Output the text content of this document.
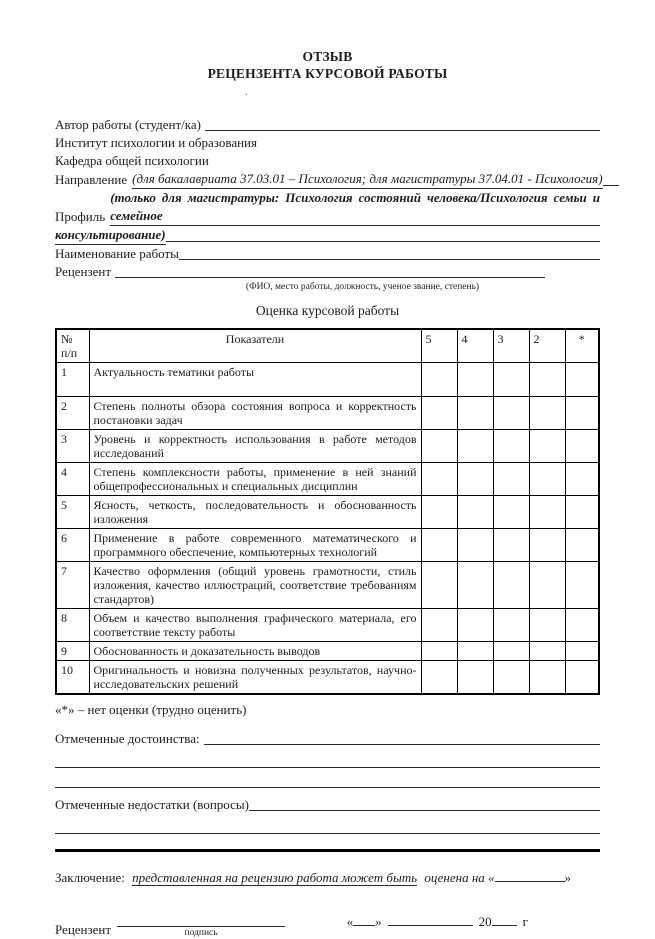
ОТЗЫВ
РЕЦЕНЗЕНТА КУРСОВОЙ РАБОТЫ
.
Автор работы (студент/ка)
Институт психологии и образования
Кафедра общей психологии
Направление (для бакалавриата 37.03.01 – Психология; для магистратуры 37.04.01 - Психология)
Профиль
(только для магистратуры: Психология состояний человека/Психология семьи и семейное
консультирование)
Наименование работы
Рецензент
(ФИО, место работы, должность, ученое звание, степень)
Оценка курсовой работы
№
п/п	Показатели	5	4	3	2	*
1	Актуальность тематики работы					
2	Степень полноты обзора состояния вопроса и корректность постановки задач					
3	Уровень и корректность использования в работе методов исследований					
4	Степень комплексности работы, применение в ней знаний общепрофессиональных и специальных дисциплин					
5	Ясность, четкость, последовательность и обоснованность изложения					
6	Применение в работе современного математического и программного обеспечение, компьютерных технологий					
7	Качество оформления (общий уровень грамотности, стиль изложения, качество иллюстраций, соответствие требованиям стандартов)					
8	Объем и качество выполнения графического материала, его соответствие тексту работы					
9	Обоснованность и доказательность выводов					
10	Оригинальность и новизна полученных результатов, научно-исследовательских решений					
«*» – нет оценки (трудно оценить)
Отмеченные достоинства:
Отмеченные недостатки (вопросы)
Заключение: представленная на рецензию работа может быть оценена на «	»
Рецензент	подпись
« »	20 г
